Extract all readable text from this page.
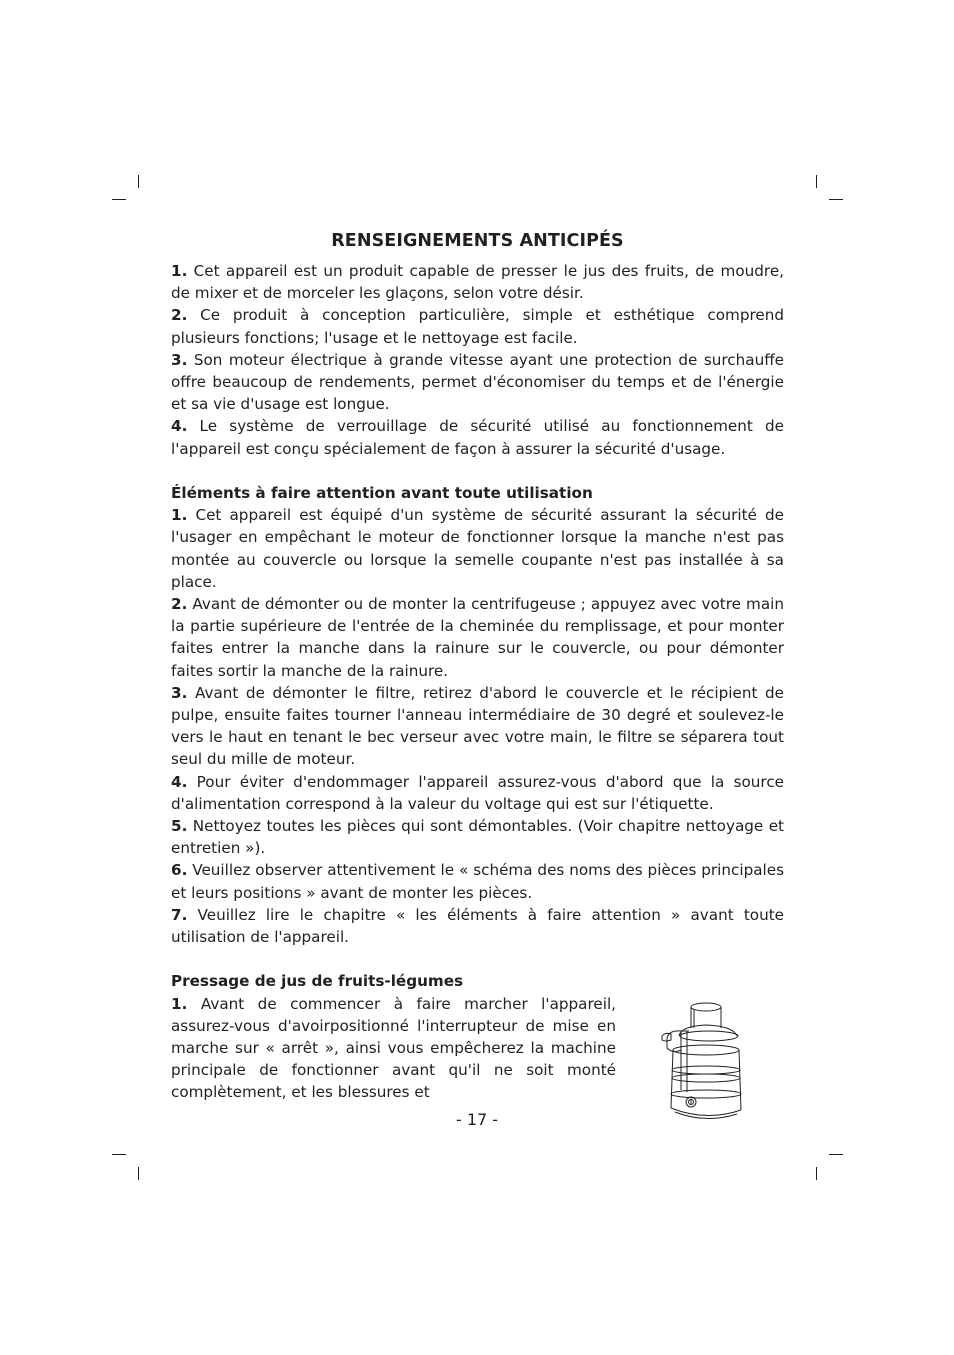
RENSEIGNEMENTS ANTICIPÉS

1. Cet appareil est un produit capable de presser le jus des fruits, de moudre, de mixer et de morceler les glaçons, selon votre désir.

2. Ce produit à conception particulière, simple et esthétique comprend plusieurs fonctions; l'usage et le nettoyage est facile.

3. Son moteur électrique à grande vitesse ayant une protection de surchauffe offre beaucoup de rendements, permet d'économiser du temps et de l'énergie et sa vie d'usage est longue.

4. Le système de verrouillage de sécurité utilisé au fonctionnement de l'appareil est conçu spécialement de façon à assurer la sécurité d'usage.

Éléments à faire attention avant toute utilisation

1. Cet appareil est équipé d'un système de sécurité assurant la sécurité de l'usager en empêchant le moteur de fonctionner lorsque la manche n'est pas montée au couvercle ou lorsque la semelle coupante n'est pas installée à sa place.

2. Avant de démonter ou de monter la centrifugeuse ; appuyez avec votre main la partie supérieure de l'entrée de la cheminée du remplissage, et pour monter faites entrer la manche dans la rainure sur le couvercle, ou pour démonter faites sortir la manche de la rainure.

3. Avant de démonter le filtre, retirez d'abord le couvercle et le récipient de pulpe, ensuite faites tourner l'anneau intermédiaire de 30 degré et soulevez-le vers le haut en tenant le bec verseur avec votre main, le filtre se séparera tout seul du mille de moteur.

4. Pour éviter d'endommager l'appareil assurez-vous d'abord que la source d'alimentation correspond à la valeur du voltage qui est sur l'étiquette.

5. Nettoyez toutes les pièces qui sont démontables. (Voir chapitre nettoyage et entretien »).

6. Veuillez observer attentivement le « schéma des noms des pièces principales et leurs positions » avant de monter les pièces.

7. Veuillez lire le chapitre « les éléments à faire attention » avant toute utilisation de l'appareil.

Pressage de jus de fruits-légumes

1. Avant de commencer à faire marcher l'appareil, assurez-vous d'avoirpositionné l'interrupteur de mise en marche sur « arrêt », ainsi vous empêcherez la machine principale de fonctionner avant qu'il ne soit monté complètement, et les blessures et

- 17 -
